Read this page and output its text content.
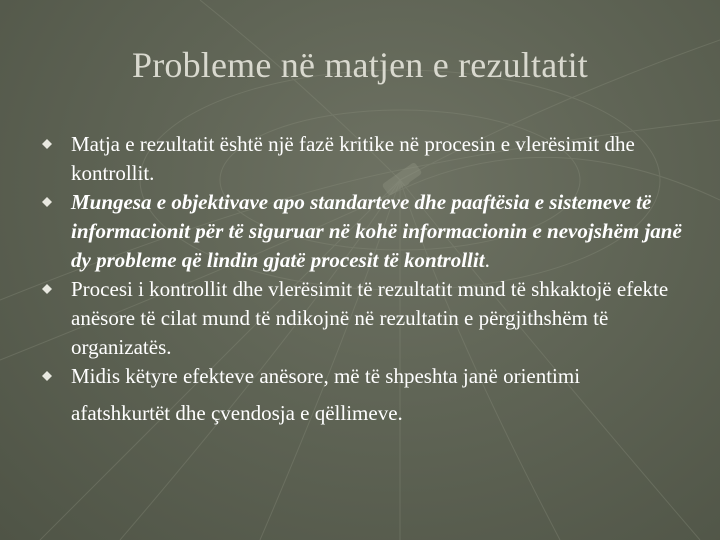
Probleme në matjen e rezultatit
Matja e rezultatit është një fazë kritike në procesin e vlerësimit dhe kontrollit.
Mungesa e objektivave apo standarteve dhe paaftësia e sistemeve të informacionit për të siguruar në kohë informacionin e nevojshëm janë dy probleme që lindin gjatë procesit të kontrollit.
Procesi i kontrollit dhe vlerësimit të rezultatit mund të shkaktojë efekte anësore të cilat mund të ndikojnë në rezultatin e përgjithshëm të organizatës.
Midis këtyre efekteve anësore, më të shpeshta janë orientimi
afatshkurtët dhe çvendosja e qëllimeve.
